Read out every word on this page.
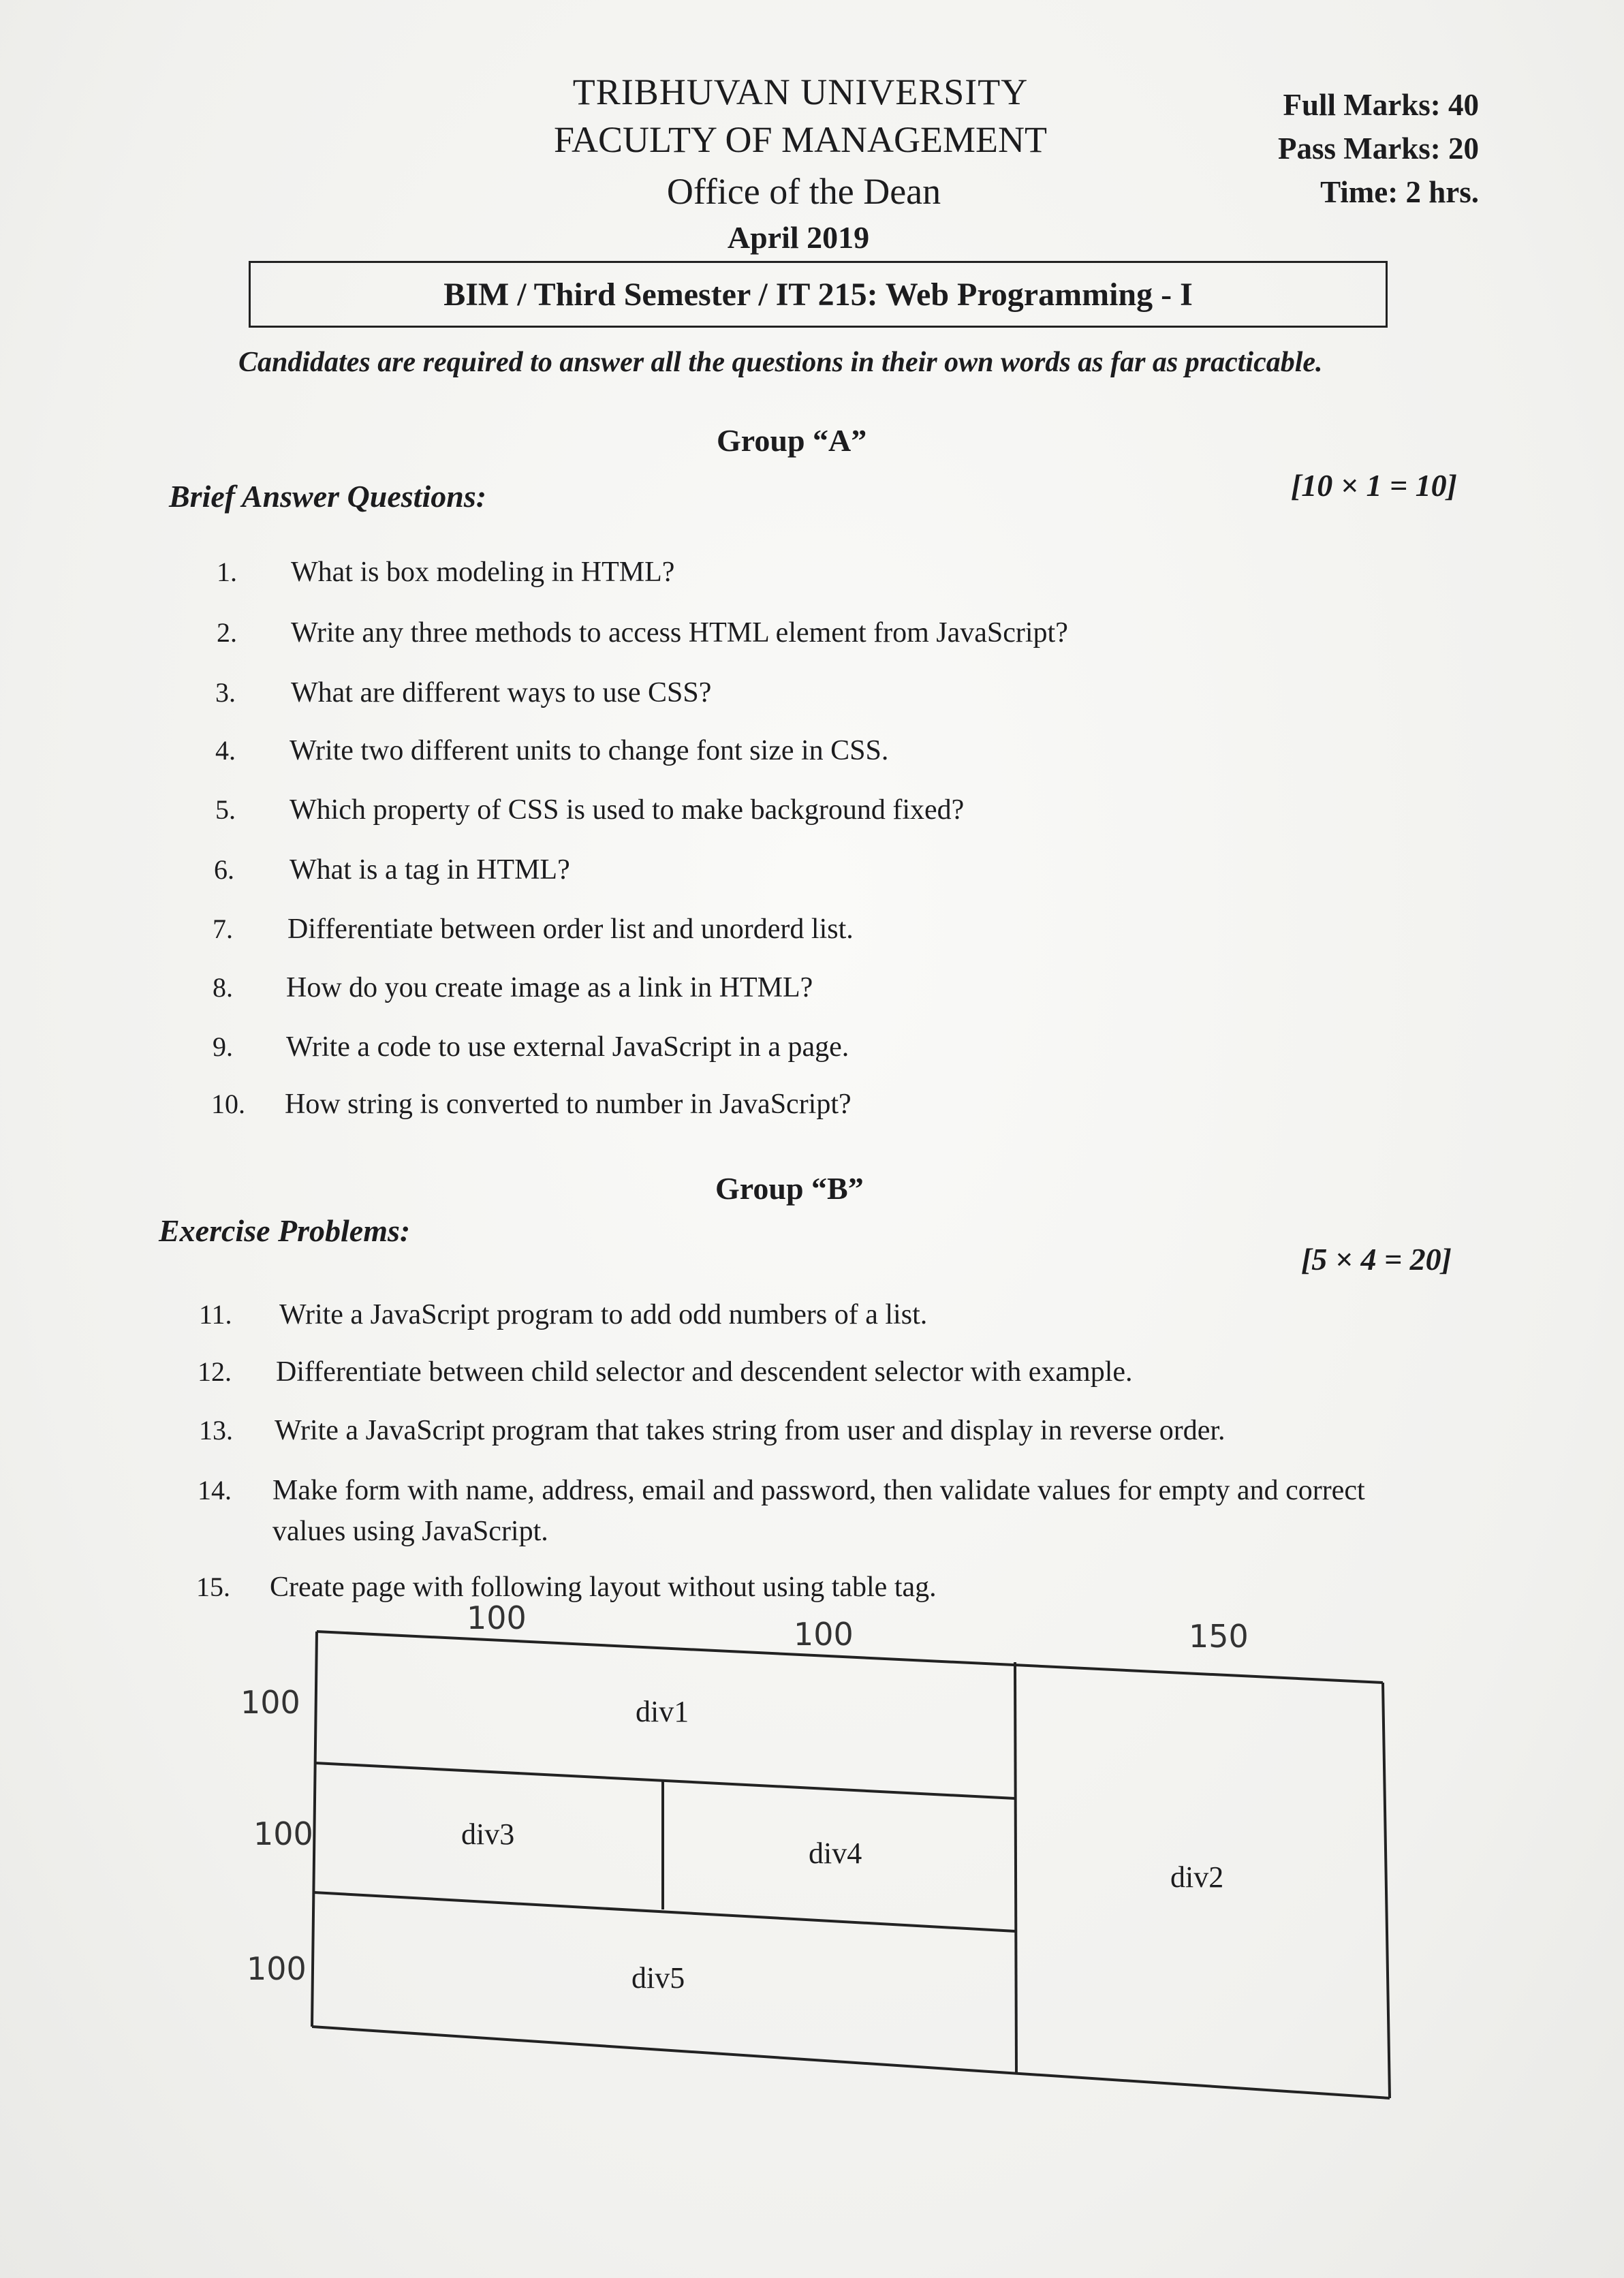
TRIBHUVAN UNIVERSITY
FACULTY OF MANAGEMENT
Office of the Dean
April 2019
Full Marks: 40
Pass Marks: 20
Time: 2 hrs.
BIM / Third Semester / IT 215: Web Programming - I
Candidates are required to answer all the questions in their own words as far as practicable.
Group “A”
Brief Answer Questions:	[10 × 1 = 10]
1. What is box modeling in HTML?
2. Write any three methods to access HTML element from JavaScript?
3. What are different ways to use CSS?
4. Write two different units to change font size in CSS.
5. Which property of CSS is used to make background fixed?
6. What is a tag in HTML?
7. Differentiate between order list and unorderd list.
8. How do you create image as a link in HTML?
9. Write a code to use external JavaScript in a page.
10. How string is converted to number in JavaScript?
Group “B”
Exercise Problems:
[5 × 4 = 20]
11. Write a JavaScript program to add odd numbers of a list.
12. Differentiate between child selector and descendent selector with example.
13. Write a JavaScript program that takes string from user and display in reverse order.
14. Make form with name, address, email and password, then validate values for empty and correct
values using JavaScript.
15. Create page with following layout without using table tag.
div1
div2
div3
div4
div5
100	100	150
100
100
100
